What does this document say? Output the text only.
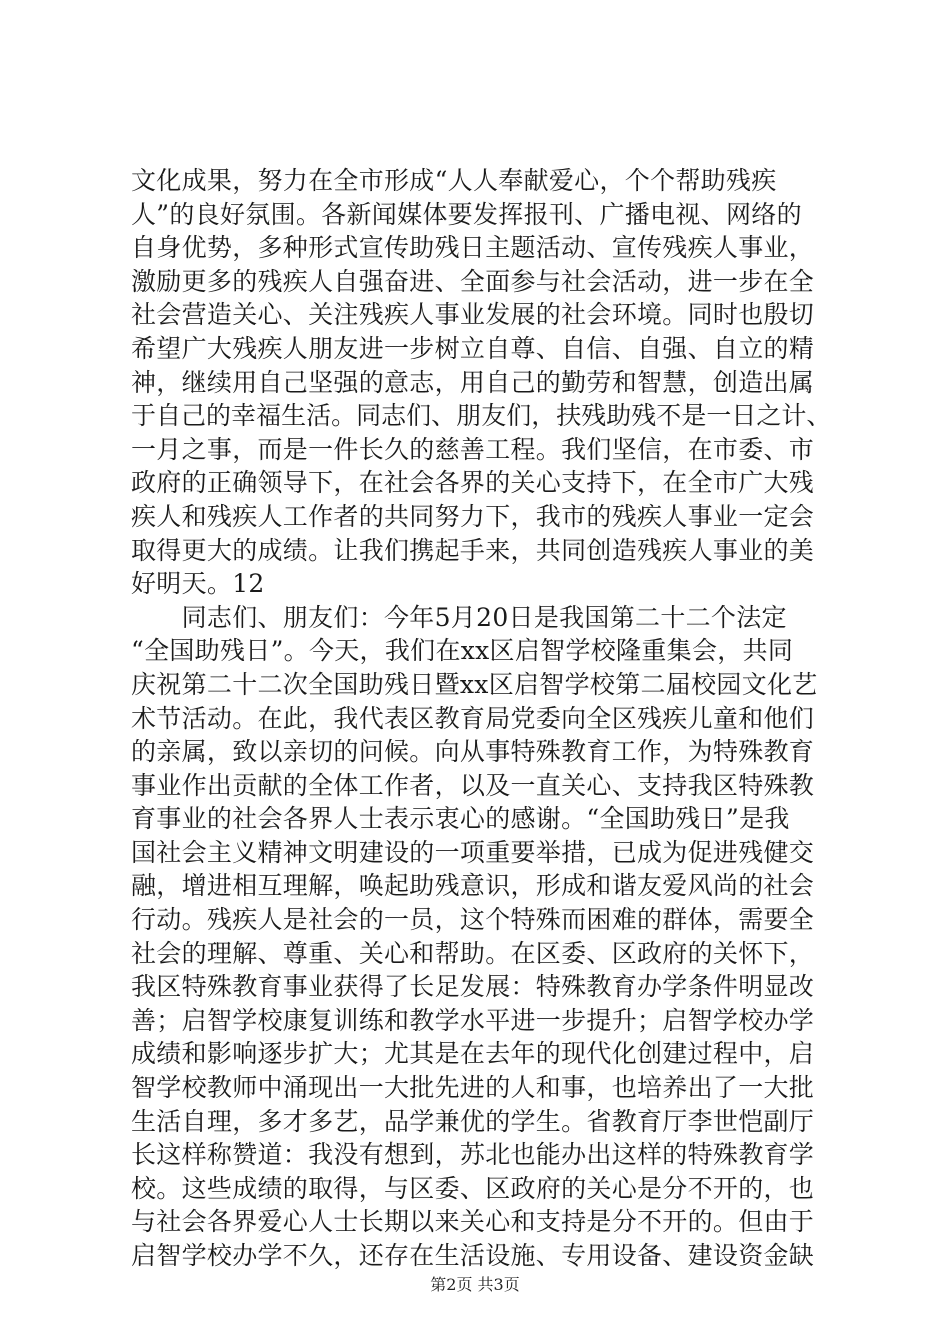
文化成果，努力在全市形成“人人奉献爱心，个个帮助残疾
人”的良好氛围。各新闻媒体要发挥报刊、广播电视、网络的
自身优势，多种形式宣传助残日主题活动、宣传残疾人事业，
激励更多的残疾人自强奋进、全面参与社会活动，进一步在全
社会营造关心、关注残疾人事业发展的社会环境。同时也殷切
希望广大残疾人朋友进一步树立自尊、自信、自强、自立的精
神，继续用自己坚强的意志，用自己的勤劳和智慧，创造出属
于自己的幸福生活。同志们、朋友们，扶残助残不是一日之计、
一月之事，而是一件长久的慈善工程。我们坚信，在市委、市
政府的正确领导下，在社会各界的关心支持下，在全市广大残
疾人和残疾人工作者的共同努力下，我市的残疾人事业一定会
取得更大的成绩。让我们携起手来，共同创造残疾人事业的美
好明天。12
　　同志们、朋友们：今年5月20日是我国第二十二个法定
“全国助残日”。今天，我们在xx区启智学校隆重集会，共同
庆祝第二十二次全国助残日暨xx区启智学校第二届校园文化艺
术节活动。在此，我代表区教育局党委向全区残疾儿童和他们
的亲属，致以亲切的问候。向从事特殊教育工作，为特殊教育
事业作出贡献的全体工作者，以及一直关心、支持我区特殊教
育事业的社会各界人士表示衷心的感谢。“全国助残日”是我
国社会主义精神文明建设的一项重要举措，已成为促进残健交
融，增进相互理解，唤起助残意识，形成和谐友爱风尚的社会
行动。残疾人是社会的一员，这个特殊而困难的群体，需要全
社会的理解、尊重、关心和帮助。在区委、区政府的关怀下，
我区特殊教育事业获得了长足发展：特殊教育办学条件明显改
善；启智学校康复训练和教学水平进一步提升；启智学校办学
成绩和影响逐步扩大；尤其是在去年的现代化创建过程中，启
智学校教师中涌现出一大批先进的人和事，也培养出了一大批
生活自理，多才多艺，品学兼优的学生。省教育厅李世恺副厅
长这样称赞道：我没有想到，苏北也能办出这样的特殊教育学
校。这些成绩的取得，与区委、区政府的关心是分不开的，也
与社会各界爱心人士长期以来关心和支持是分不开的。但由于
启智学校办学不久，还存在生活设施、专用设备、建设资金缺
第2页 共3页
